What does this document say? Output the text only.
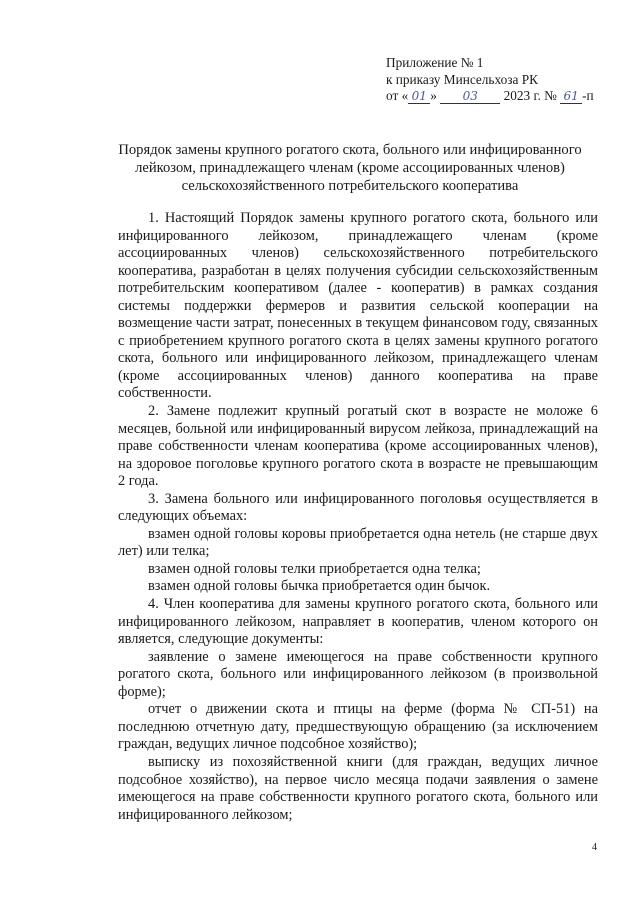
Приложение № 1
к приказу Минсельхоза РК
от « 01 » 03 2023 г. № 61 -п
Порядок замены крупного рогатого скота, больного или инфицированного
лейкозом, принадлежащего членам (кроме ассоциированных членов)
сельскохозяйственного потребительского кооператива

1. Настоящий Порядок замены крупного рогатого скота, больного или инфицированного лейкозом, принадлежащего членам (кроме ассоциированных членов) сельскохозяйственного потребительского кооператива, разработан в целях получения субсидии сельскохозяйственным потребительским кооперативом (далее - кооператив) в рамках создания системы поддержки фермеров и развития сельской кооперации на возмещение части затрат, понесенных в текущем финансовом году, связанных с приобретением крупного рогатого скота в целях замены крупного рогатого скота, больного или инфицированного лейкозом, принадлежащего членам (кроме ассоциированных членов) данного кооператива на праве собственности.

2. Замене подлежит крупный рогатый скот в возрасте не моложе 6 месяцев, больной или инфицированный вирусом лейкоза, принадлежащий на праве собственности членам кооператива (кроме ассоциированных членов), на здоровое поголовье крупного рогатого скота в возрасте не превышающим 2 года.

3. Замена больного или инфицированного поголовья осуществляется в следующих объемах:

взамен одной головы коровы приобретается одна нетель (не старше двух лет) или телка;

взамен одной головы телки приобретается одна телка;

взамен одной головы бычка приобретается один бычок.

4. Член кооператива для замены крупного рогатого скота, больного или инфицированного лейкозом, направляет в кооператив, членом которого он является, следующие документы:

заявление о замене имеющегося на праве собственности крупного рогатого скота, больного или инфицированного лейкозом (в произвольной форме);

отчет о движении скота и птицы на ферме (форма № СП-51) на последнюю отчетную дату, предшествующую обращению (за исключением граждан, ведущих личное подсобное хозяйство);

выписку из похозяйственной книги (для граждан, ведущих личное подсобное хозяйство), на первое число месяца подачи заявления о замене имеющегося на праве собственности крупного рогатого скота, больного или инфицированного лейкозом;

4
